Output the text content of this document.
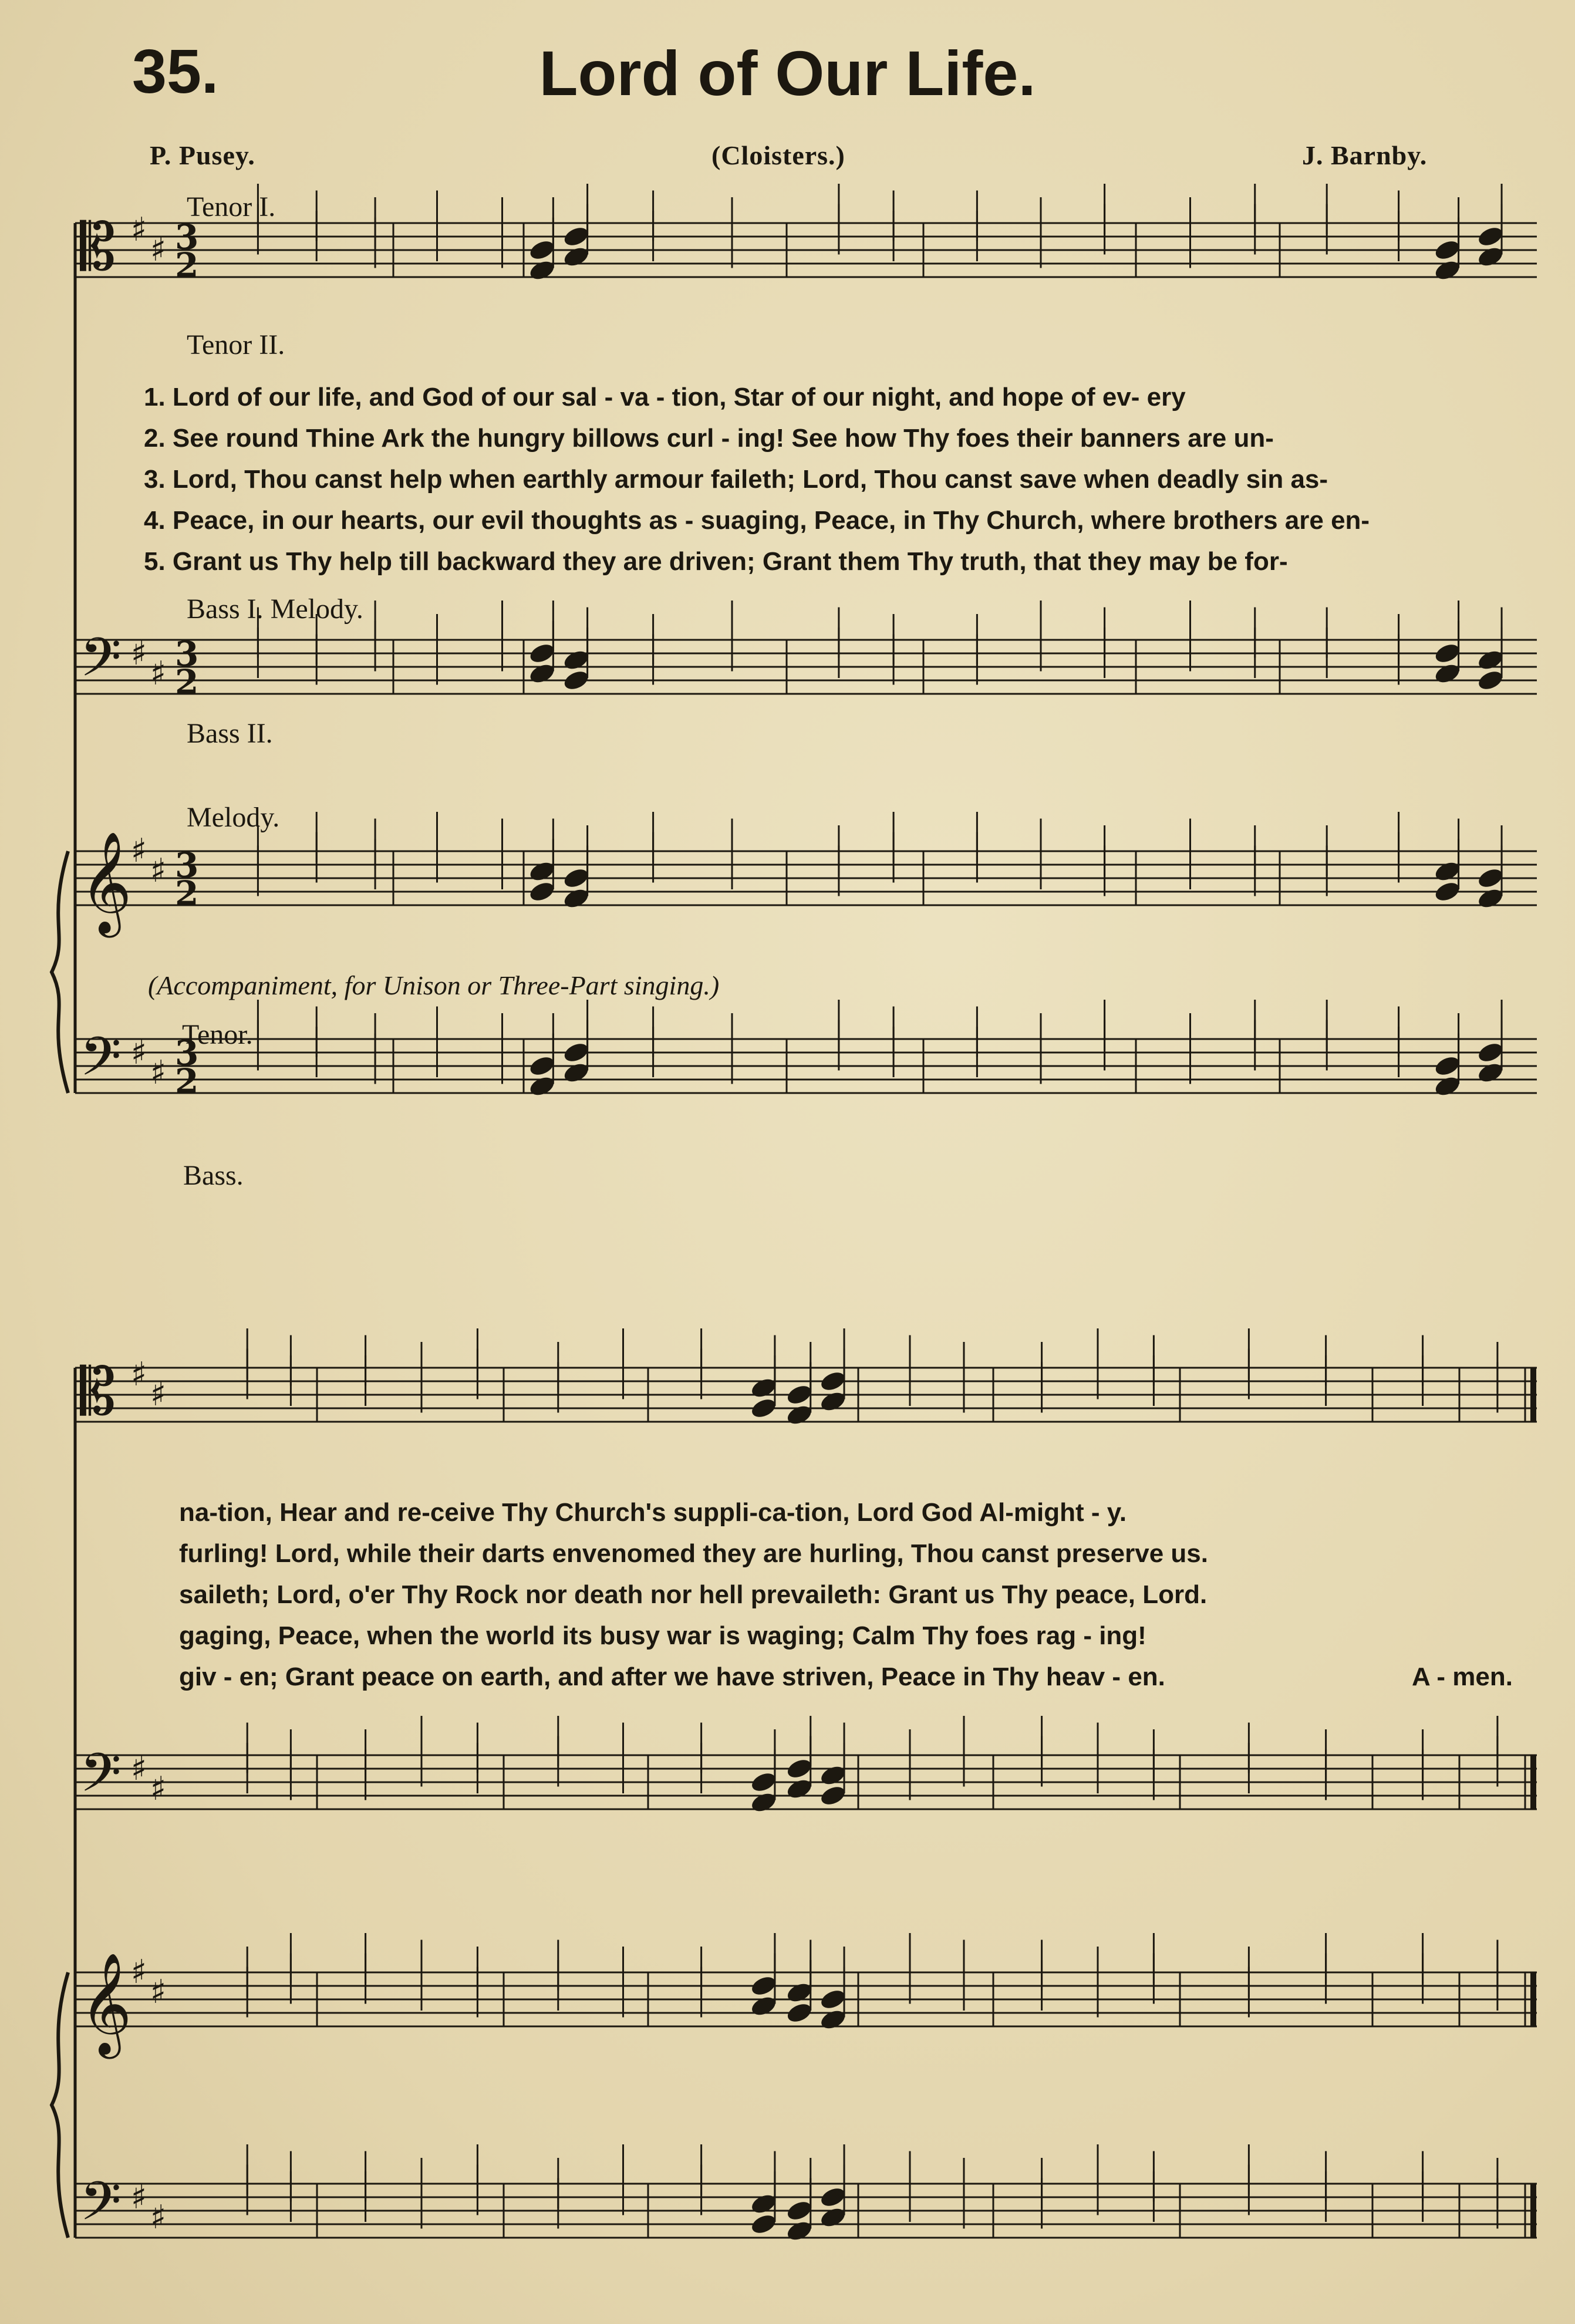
35.	Lord of Our Life.
P. Pusey.	(Cloisters.)	J. Barnby.
Tenor I.
Tenor II.
Bass I. Melody.
Bass II.
Melody.
(Accompaniment, for Unison or Three-Part singing.)
Tenor.
Bass.
1. Lord of our life, and God of our sal - va - tion, Star of our night, and hope of ev- ery
2. See round Thine Ark the hungry billows curl - ing! See how Thy foes their banners are un-
3. Lord, Thou canst help when earthly armour faileth; Lord, Thou canst save when deadly sin as-
4. Peace, in our hearts, our evil thoughts as - suaging, Peace, in Thy Church, where brothers are en-
5. Grant us Thy help till backward they are driven; Grant them Thy truth, that they may be for-
na-tion, Hear and re-ceive Thy Church's suppli-ca-tion, Lord God Al-might - y.
furling! Lord, while their darts envenomed they are hurling, Thou canst preserve us.
saileth; Lord, o'er Thy Rock nor death nor hell prevaileth: Grant us Thy peace, Lord.
gaging, Peace, when the world its busy war is waging; Calm Thy foes rag - ing!
giv - en; Grant peace on earth, and after we have striven, Peace in Thy heav - en.	A - men.
𝄡 ♯
♯ 3
2
𝄢 ♯
♯ 3
2
𝄞
♯
♯ 3
2
𝄢 ♯
♯ 3
2
𝄡 ♯
♯
𝄢 ♯
♯
𝄞
♯
♯
𝄢 ♯
♯
